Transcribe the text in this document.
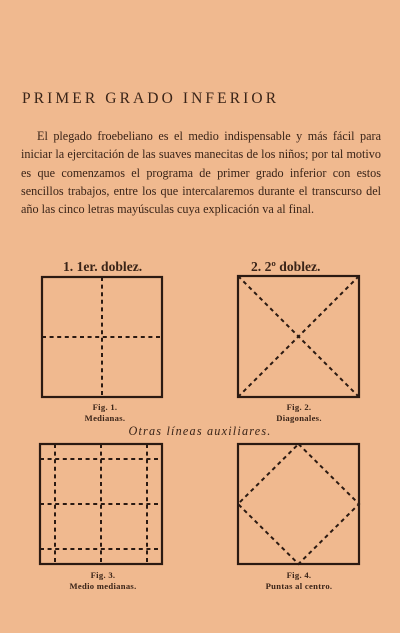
PRIMER GRADO INFERIOR
El plegado froebeliano es el medio indispensable y más fácil para iniciar la ejercitación de las suaves manecitas de los niños; por tal motivo es que comenzamos el programa de primer grado inferior con estos sencillos trabajos, entre los que intercalaremos durante el transcurso del año las cinco letras mayúsculas cuya explicación va al final.
1. 1er. doblez.	2. 2º doblez.
Fig. 1.
Medianas.
Fig. 2.
Diagonales.
Otras líneas auxiliares.
Fig. 3.
Medio medianas.
Fig. 4.
Puntas al centro.
